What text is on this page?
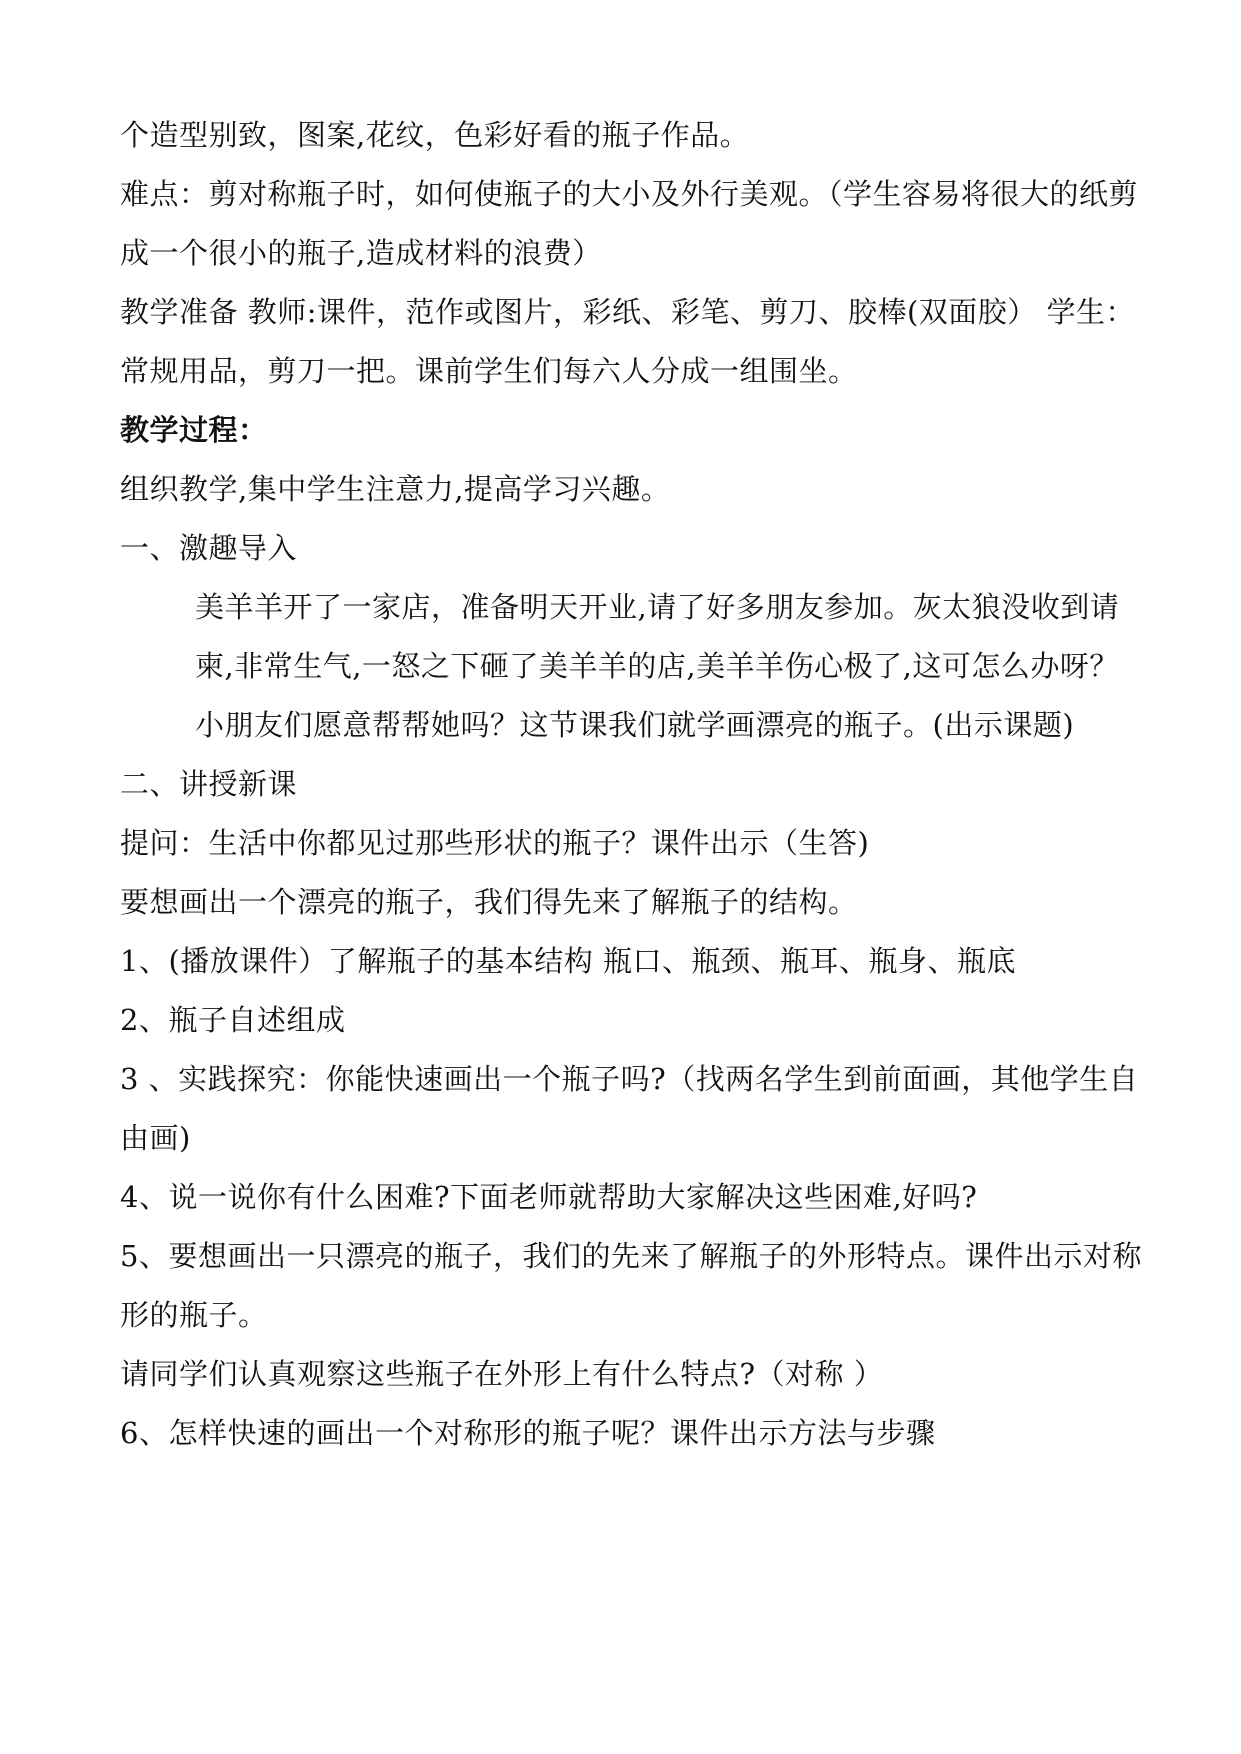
个造型别致，图案,花纹，色彩好看的瓶子作品。
难点：剪对称瓶子时，如何使瓶子的大小及外行美观。（学生容易将很大的纸剪
成一个很小的瓶子,造成材料的浪费）
教学准备 教师:课件，范作或图片，彩纸、彩笔、剪刀、胶棒(双面胶） 学生：
常规用品，剪刀一把。课前学生们每六人分成一组围坐。
教学过程：
组织教学,集中学生注意力,提高学习兴趣。
一、激趣导入
美羊羊开了一家店，准备明天开业,请了好多朋友参加。灰太狼没收到请
柬,非常生气,一怒之下砸了美羊羊的店,美羊羊伤心极了,这可怎么办呀？
小朋友们愿意帮帮她吗？这节课我们就学画漂亮的瓶子。(出示课题)
二、讲授新课
提问：生活中你都见过那些形状的瓶子？课件出示（生答)
要想画出一个漂亮的瓶子，我们得先来了解瓶子的结构。
1、(播放课件）了解瓶子的基本结构 瓶口、瓶颈、瓶耳、瓶身、瓶底
2、瓶子自述组成
3 、实践探究：你能快速画出一个瓶子吗?（找两名学生到前面画，其他学生自
由画)
4、说一说你有什么困难?下面老师就帮助大家解决这些困难,好吗?
5、要想画出一只漂亮的瓶子，我们的先来了解瓶子的外形特点。课件出示对称
形的瓶子。
请同学们认真观察这些瓶子在外形上有什么特点?（对称 ）
6、怎样快速的画出一个对称形的瓶子呢？课件出示方法与步骤
